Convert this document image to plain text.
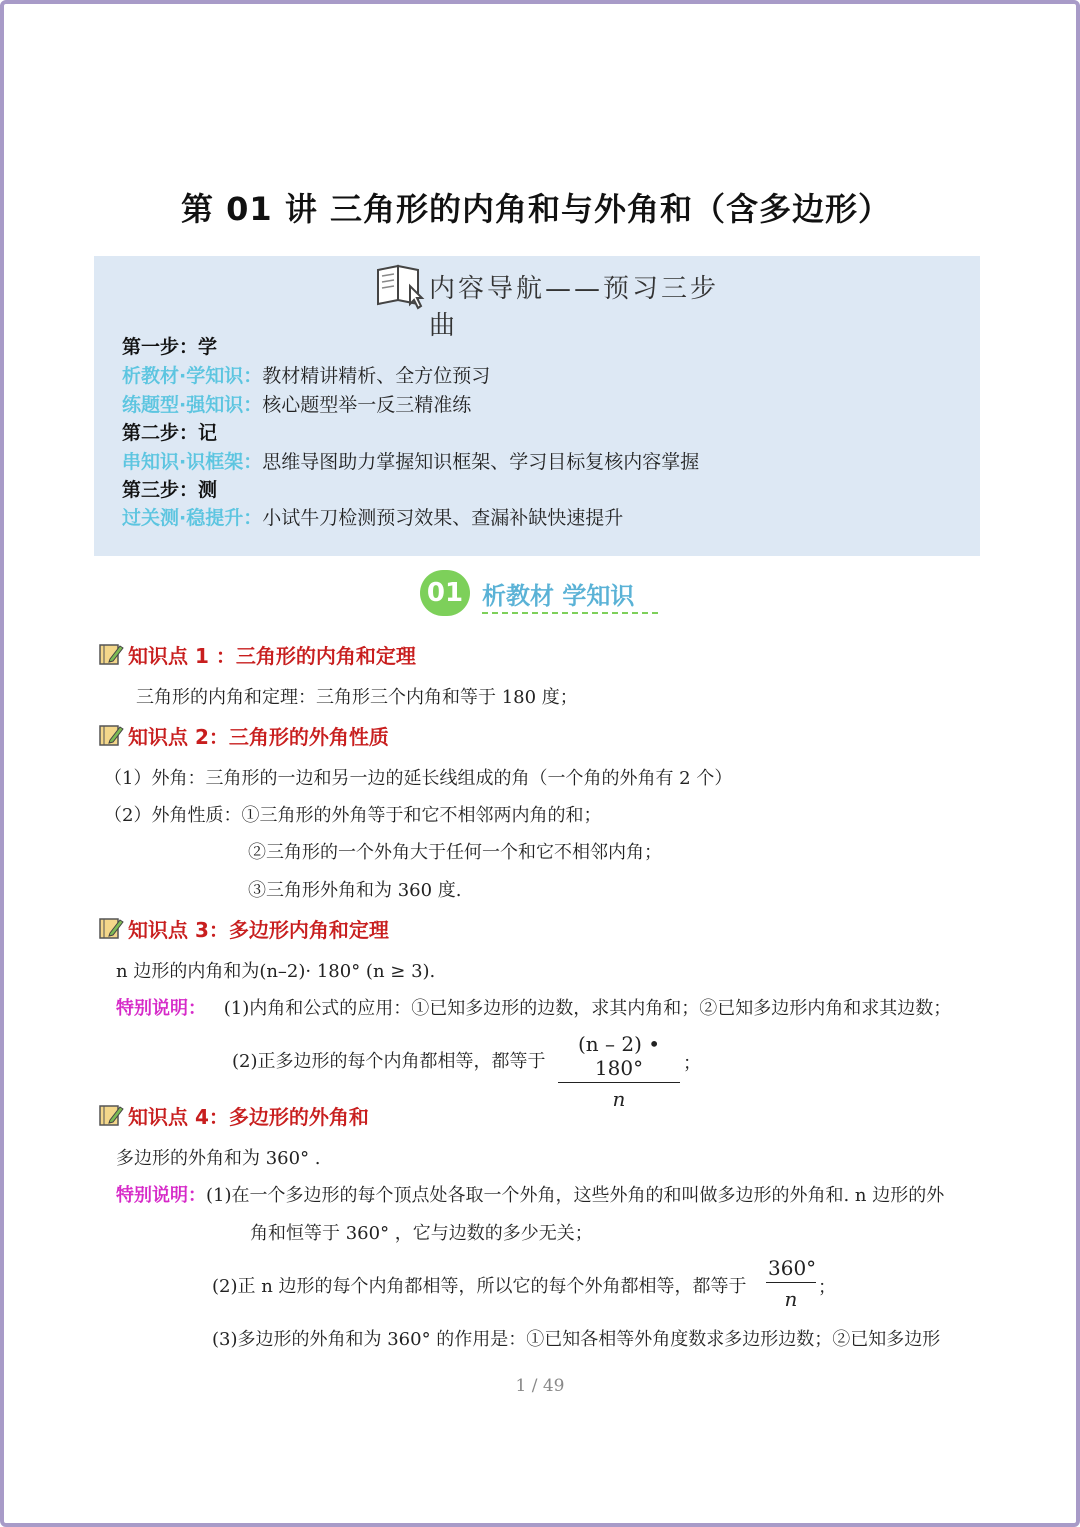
第 01 讲 三角形的内角和与外角和（含多边形）
内容导航——预习三步曲
第一步：学
析教材·学知识：教材精讲精析、全方位预习
练题型·强知识：核心题型举一反三精准练
第二步：记
串知识·识框架：思维导图助力掌握知识框架、学习目标复核内容掌握
第三步：测
过关测·稳提升：小试牛刀检测预习效果、查漏补缺快速提升
01 析教材 学知识
知识点 1 ：三角形的内角和定理
三角形的内角和定理：三角形三个内角和等于 180 度；
知识点 2：三角形的外角性质
（1）外角：三角形的一边和另一边的延长线组成的角（一个角的外角有 2 个）
（2）外角性质：①三角形的外角等于和它不相邻两内角的和；
②三角形的一个外角大于任何一个和它不相邻内角；
③三角形外角和为 360 度.
知识点 3：多边形内角和定理
n 边形的内角和为(n–2)· 180° (n ≥ 3).
特别说明： (1)内角和公式的应用：①已知多边形的边数，求其内角和；②已知多边形内角和求其边数；
(2)正多边形的每个内角都相等，都等于 $\frac{(n - 2) • 180^\circ}{n}$ ；
知识点 4：多边形的外角和
多边形的外角和为 360° .
特别说明：(1)在一个多边形的每个顶点处各取一个外角，这些外角的和叫做多边形的外角和. n 边形的外
角和恒等于 360° ，它与边数的多少无关；
(2)正 n 边形的每个内角都相等，所以它的每个外角都相等，都等于 $\frac{360^\circ}{n}$ ；
(3)多边形的外角和为 360° 的作用是：①已知各相等外角度数求多边形边数；②已知多边形
1 / 49
